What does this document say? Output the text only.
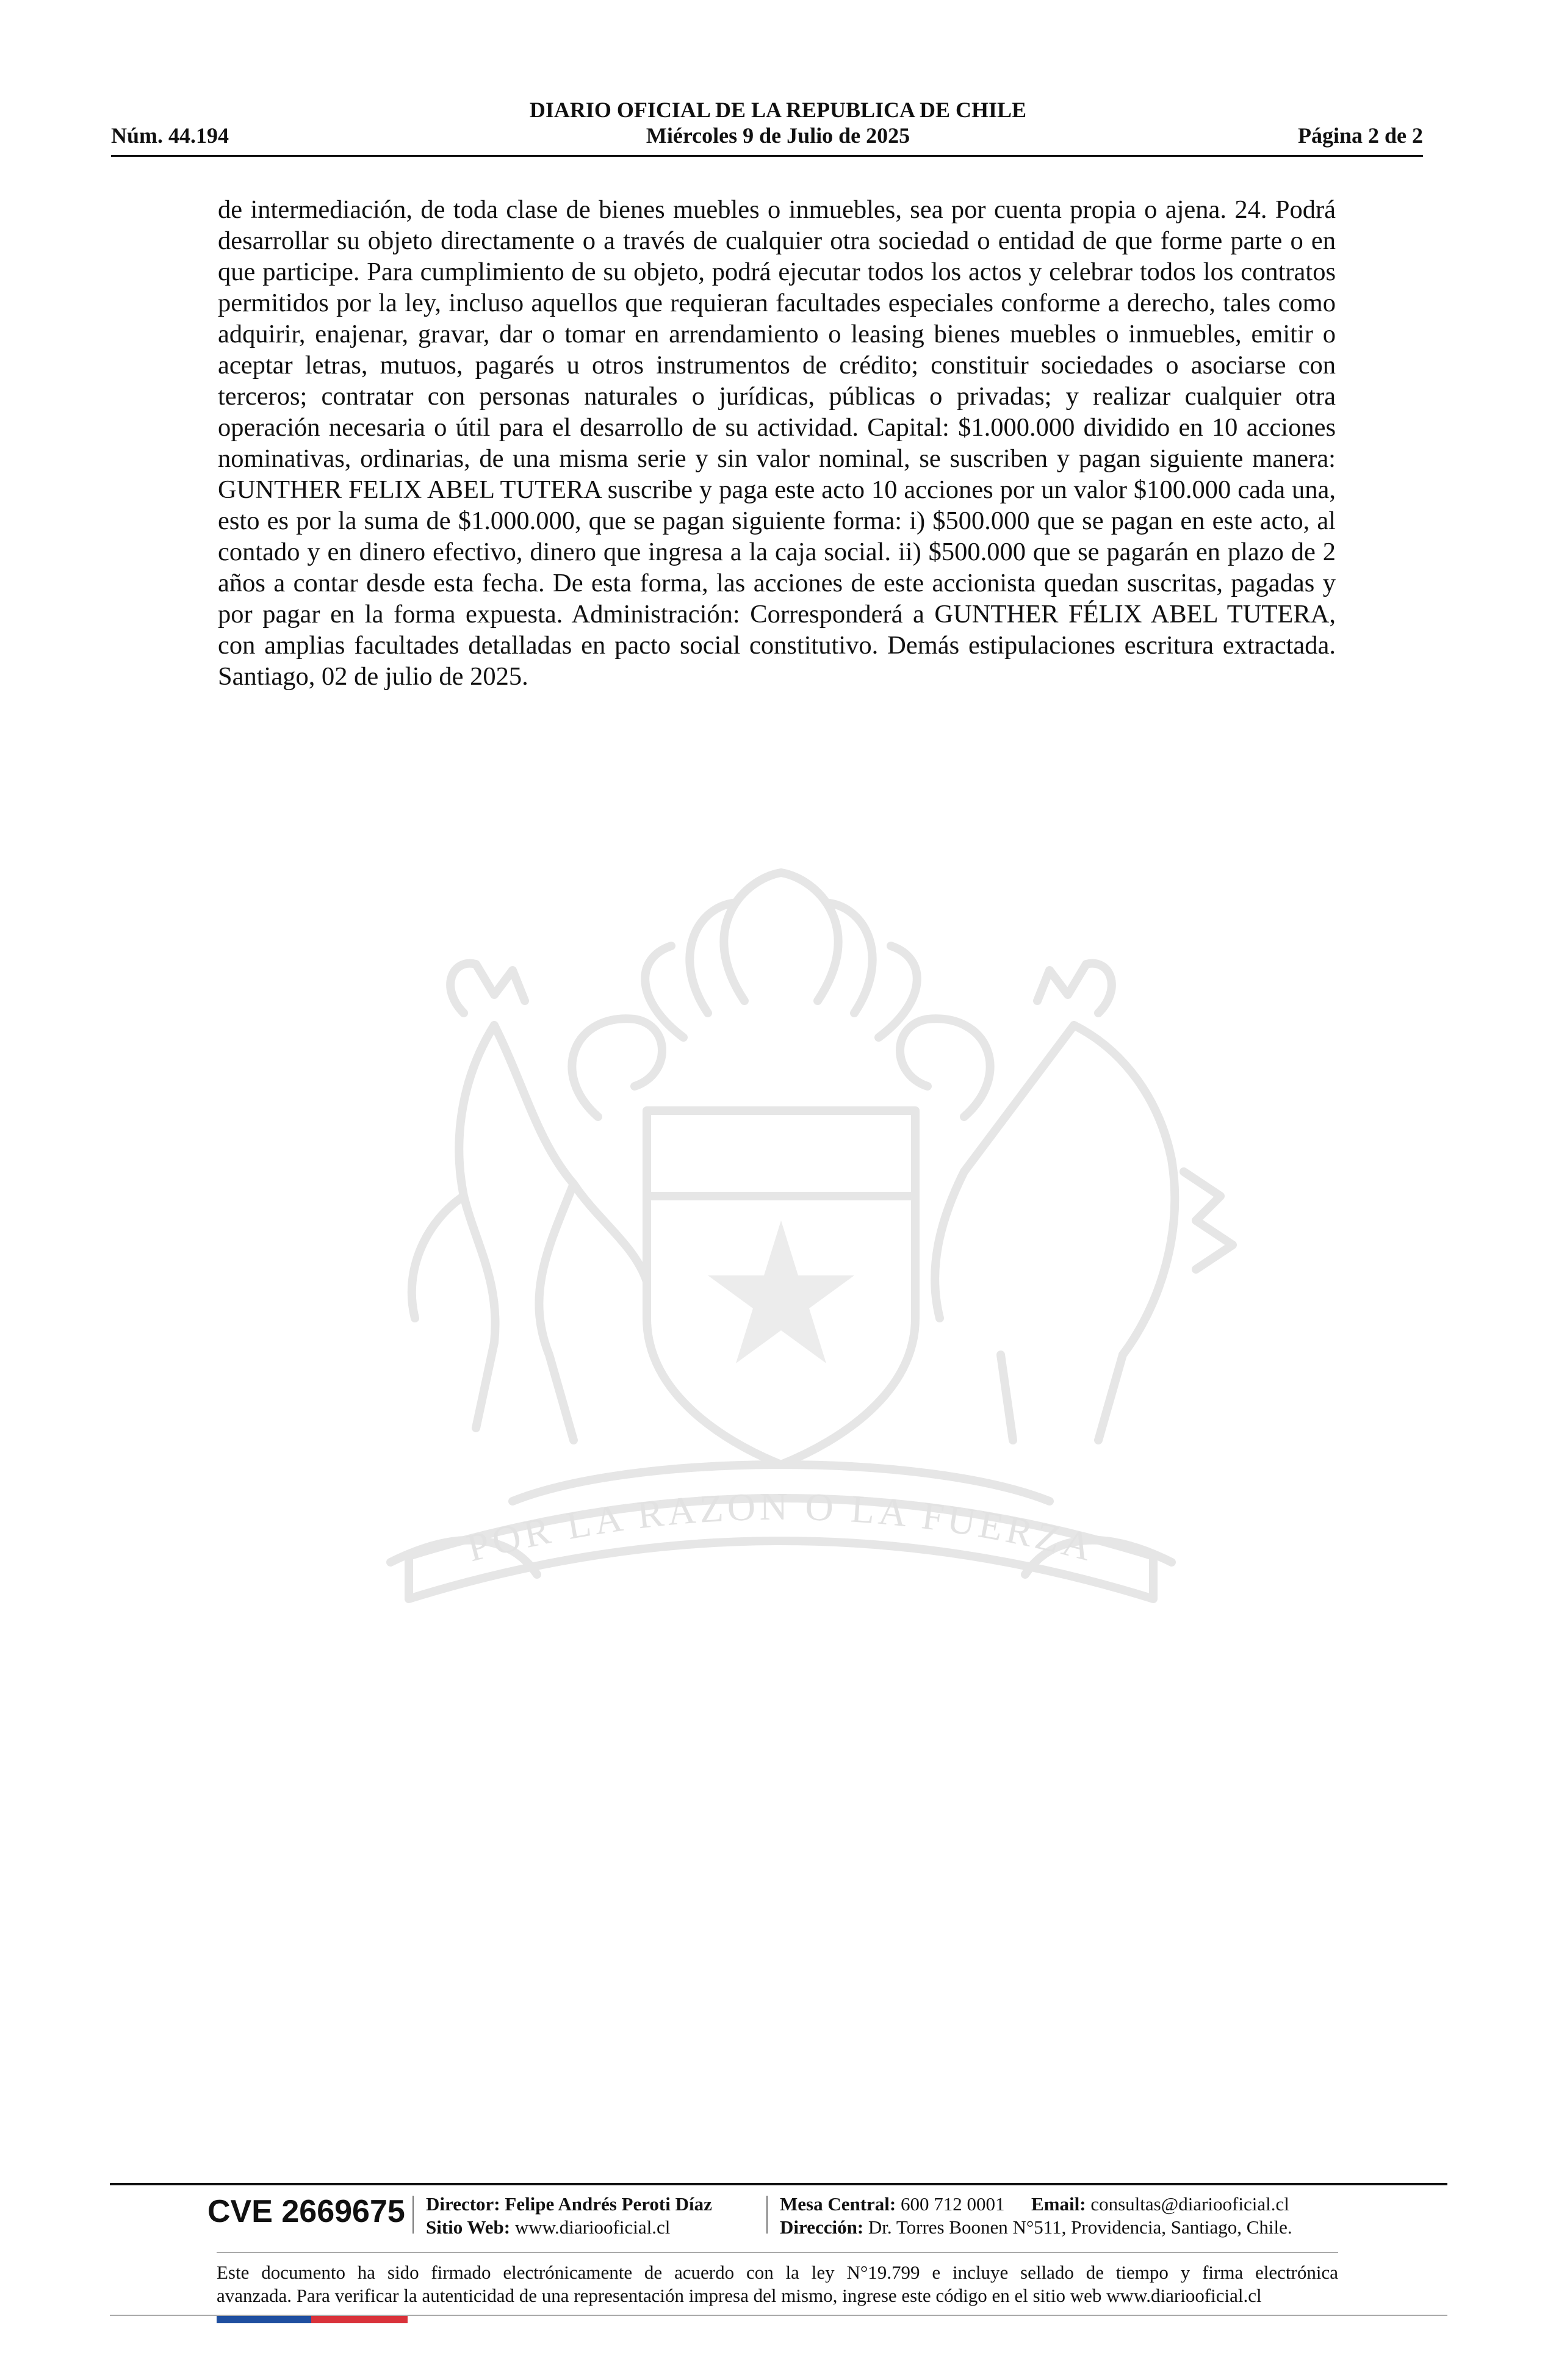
DIARIO OFICIAL DE LA REPUBLICA DE CHILE
Núm. 44.194	Miércoles 9 de Julio de 2025	Página 2 de 2
de intermediación, de toda clase de bienes muebles o inmuebles, sea por cuenta propia o ajena. 24. Podrá desarrollar su objeto directamente o a través de cualquier otra sociedad o entidad de que forme parte o en que participe. Para cumplimiento de su objeto, podrá ejecutar todos los actos y celebrar todos los contratos permitidos por la ley, incluso aquellos que requieran facultades especiales conforme a derecho, tales como adquirir, enajenar, gravar, dar o tomar en arrendamiento o leasing bienes muebles o inmuebles, emitir o aceptar letras, mutuos, pagarés u otros instrumentos de crédito; constituir sociedades o asociarse con terceros; contratar con personas naturales o jurídicas, públicas o privadas; y realizar cualquier otra operación necesaria o útil para el desarrollo de su actividad. Capital: $1.000.000 dividido en 10 acciones nominativas, ordinarias, de una misma serie y sin valor nominal, se suscriben y pagan siguiente manera: GUNTHER FELIX ABEL TUTERA suscribe y paga este acto 10 acciones por un valor $100.000 cada una, esto es por la suma de $1.000.000, que se pagan siguiente forma: i) $500.000 que se pagan en este acto, al contado y en dinero efectivo, dinero que ingresa a la caja social. ii) $500.000 que se pagarán en plazo de 2 años a contar desde esta fecha. De esta forma, las acciones de este accionista quedan suscritas, pagadas y por pagar en la forma expuesta. Administración: Corresponderá a GUNTHER FÉLIX ABEL TUTERA, con amplias facultades detalladas en pacto social constitutivo. Demás estipulaciones escritura extractada. Santiago, 02 de julio de 2025.
POR LA RAZON O LA FUERZA
CVE 2669675 Director: Felipe Andrés Peroti Díaz
Sitio Web: www.diariooficial.cl
Mesa Central: 600 712 0001 Email: consultas@diariooficial.cl
Dirección: Dr. Torres Boonen N°511, Providencia, Santiago, Chile.
Este documento ha sido firmado electrónicamente de acuerdo con la ley N°19.799 e incluye sellado de tiempo y firma electrónica
avanzada. Para verificar la autenticidad de una representación impresa del mismo, ingrese este código en el sitio web www.diariooficial.cl
